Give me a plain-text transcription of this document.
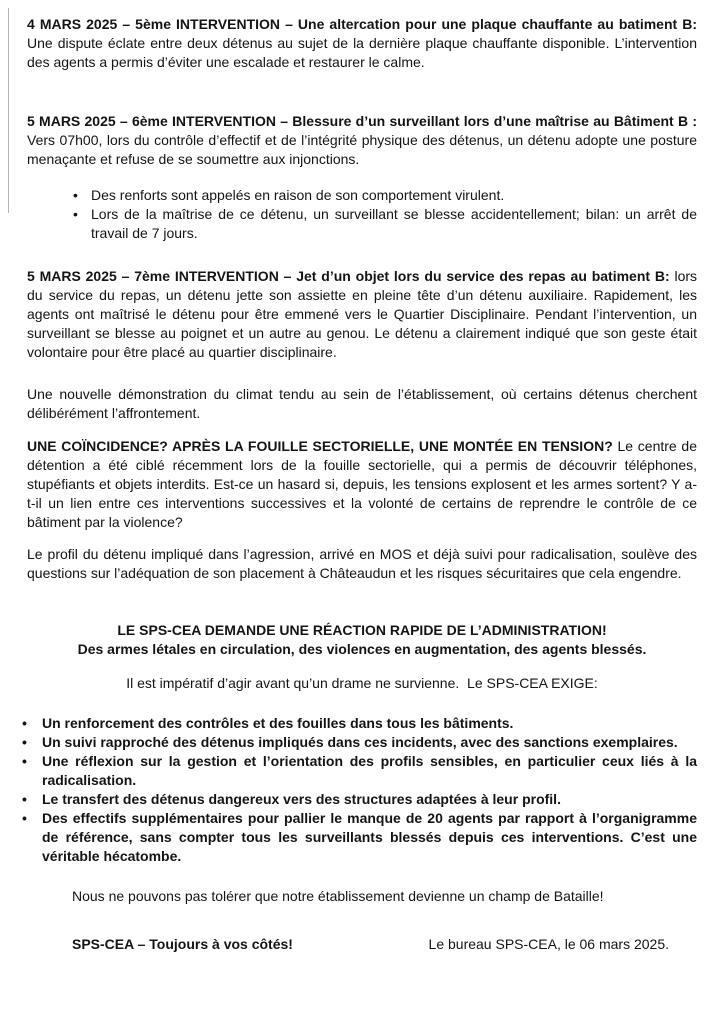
4 MARS 2025 – 5ème INTERVENTION – Une altercation pour une plaque chauffante au batiment B: Une dispute éclate entre deux détenus au sujet de la dernière plaque chauffante disponible. L’intervention des agents a permis d’éviter une escalade et restaurer le calme.

5 MARS 2025 – 6ème INTERVENTION – Blessure d’un surveillant lors d’une maîtrise au Bâtiment B : Vers 07h00, lors du contrôle d’effectif et de l’intégrité physique des détenus, un détenu adopte une posture menaçante et refuse de se soumettre aux injonctions.

• Des renforts sont appelés en raison de son comportement virulent.
• Lors de la maîtrise de ce détenu, un surveillant se blesse accidentellement; bilan: un arrêt de travail de 7 jours.

5 MARS 2025 – 7ème INTERVENTION – Jet d’un objet lors du service des repas au batiment B: lors du service du repas, un détenu jette son assiette en pleine tête d’un détenu auxiliaire. Rapidement, les agents ont maîtrisé le détenu pour être emmené vers le Quartier Disciplinaire. Pendant l’intervention, un surveillant se blesse au poignet et un autre au genou. Le détenu a clairement indiqué que son geste était volontaire pour être placé au quartier disciplinaire.

Une nouvelle démonstration du climat tendu au sein de l’établissement, où certains détenus cherchent délibérément l’affrontement.

UNE COÏNCIDENCE? APRÈS LA FOUILLE SECTORIELLE, UNE MONTÉE EN TENSION? Le centre de détention a été ciblé récemment lors de la fouille sectorielle, qui a permis de découvrir téléphones, stupéfiants et objets interdits. Est-ce un hasard si, depuis, les tensions explosent et les armes sortent? Y a-t-il un lien entre ces interventions successives et la volonté de certains de reprendre le contrôle de ce bâtiment par la violence?

Le profil du détenu impliqué dans l’agression, arrivé en MOS et déjà suivi pour radicalisation, soulève des questions sur l’adéquation de son placement à Châteaudun et les risques sécuritaires que cela engendre.

LE SPS-CEA DEMANDE UNE RÉACTION RAPIDE DE L’ADMINISTRATION!
Des armes létales en circulation, des violences en augmentation, des agents blessés.

Il est impératif d’agir avant qu’un drame ne survienne.  Le SPS-CEA EXIGE:

• Un renforcement des contrôles et des fouilles dans tous les bâtiments.
• Un suivi rapproché des détenus impliqués dans ces incidents, avec des sanctions exemplaires.
• Une réflexion sur la gestion et l’orientation des profils sensibles, en particulier ceux liés à la radicalisation.
• Le transfert des détenus dangereux vers des structures adaptées à leur profil.
• Des effectifs supplémentaires pour pallier le manque de 20 agents par rapport à l’organigramme de référence, sans compter tous les surveillants blessés depuis ces interventions. C’est une véritable hécatombe.

Nous ne pouvons pas tolérer que notre établissement devienne un champ de Bataille!

SPS-CEA – Toujours à vos côtés!	Le bureau SPS-CEA, le 06 mars 2025.
